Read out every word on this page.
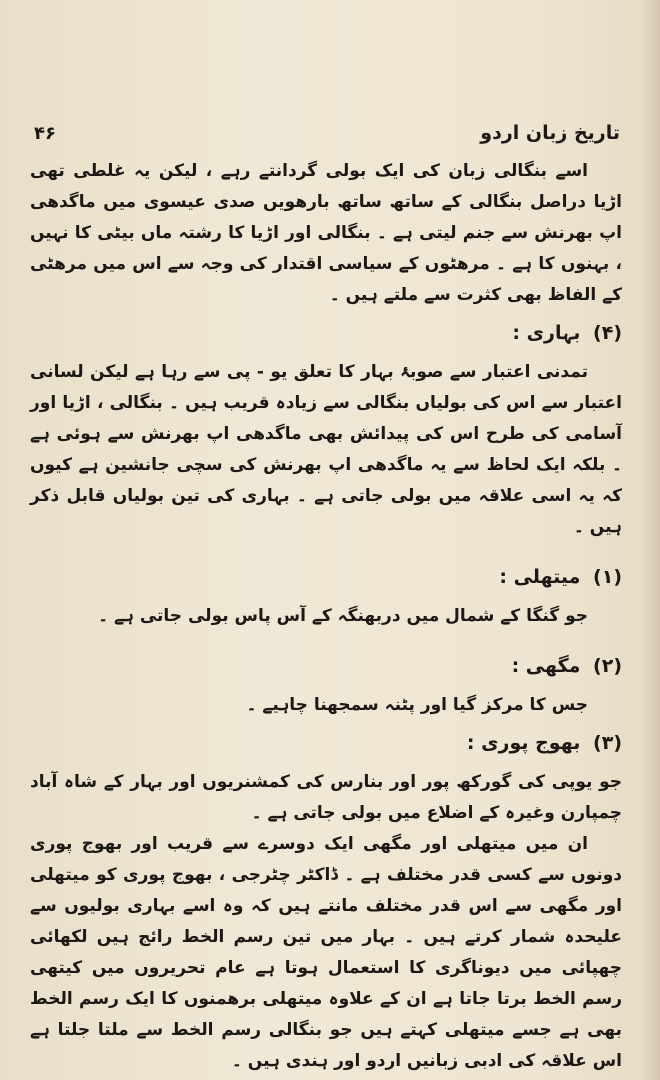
۴۶	تاریخ زبان اردو

اسے بنگالی زبان کی ایک بولی گردانتے رہے ، لیکن یہ غلطی تھی اڑیا دراصل بنگالی کے ساتھ ساتھ بارھویں صدی عیسوی میں ماگدھی اپ بھرنش سے جنم لیتی ہے ۔ بنگالی اور اڑیا کا رشتہ ماں بیٹی کا نہیں ، بہنوں کا ہے ۔ مرھٹوں کے سیاسی اقتدار کی وجہ سے اس میں مرھٹی کے الفاظ بھی کثرت سے ملتے ہیں ۔

(۴) بہاری :

تمدنی اعتبار سے صوبۂ بہار کا تعلق یو - پی سے رہا ہے لیکن لسانی اعتبار سے اس کی بولیاں بنگالی سے زیادہ قریب ہیں ۔ بنگالی ، اڑیا اور آسامی کی طرح اس کی پیدائش بھی ماگدھی اپ بھرنش سے ہوئی ہے ۔ بلکہ ایک لحاظ سے یہ ماگدھی اپ بھرنش کی سچی جانشین ہے کیوں کہ یہ اسی علاقہ میں بولی جاتی ہے ۔ بہاری کی تین بولیاں قابل ذکر ہیں ۔

(۱) میتھلی :

جو گنگا کے شمال میں دربھنگہ کے آس پاس بولی جاتی ہے ۔

(۲) مگھی :

جس کا مرکز گیا اور پٹنہ سمجھنا چاہیے ۔

(۳) بھوج پوری :

جو یوپی کی گورکھ پور اور بنارس کی کمشنریوں اور بہار کے شاہ آباد چمپارن وغیرہ کے اضلاع میں بولی جاتی ہے ۔

ان میں میتھلی اور مگھی ایک دوسرے سے قریب اور بھوج پوری دونوں سے کسی قدر مختلف ہے ۔ ڈاکٹر چٹرجی ، بھوج پوری کو میتھلی اور مگھی سے اس قدر مختلف مانتے ہیں کہ وہ اسے بہاری بولیوں سے علیحدہ شمار کرتے ہیں ۔ بہار میں تین رسم الخط رائج ہیں لکھائی چھپائی میں دیوناگری کا استعمال ہوتا ہے عام تحریروں میں کیتھی رسم الخط برتا جاتا ہے ان کے علاوہ میتھلی برھمنوں کا ایک رسم الخط بھی ہے جسے میتھلی کہتے ہیں جو بنگالی رسم الخط سے ملتا جلتا ہے اس علاقہ کی ادبی زبانیں اردو اور ہندی ہیں ۔
